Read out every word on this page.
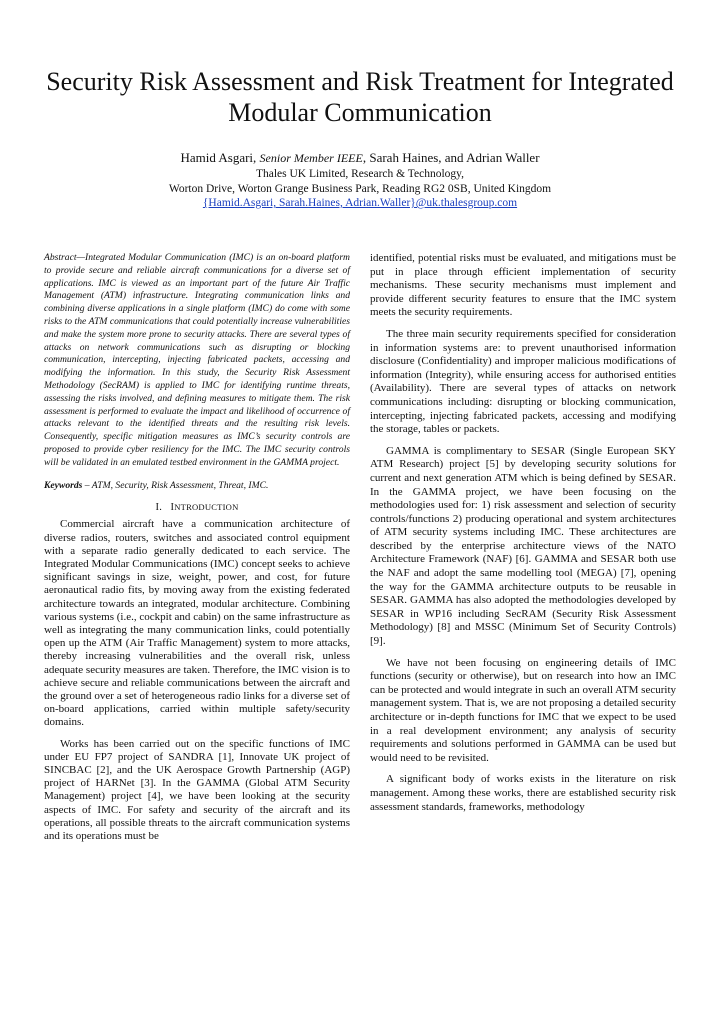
Security Risk Assessment and Risk Treatment for Integrated Modular Communication
Hamid Asgari, Senior Member IEEE, Sarah Haines, and Adrian Waller
Thales UK Limited, Research & Technology,
Worton Drive, Worton Grange Business Park, Reading RG2 0SB, United Kingdom
{Hamid.Asgari, Sarah.Haines, Adrian.Waller}@uk.thalesgroup.com

Abstract—Integrated Modular Communication (IMC) is an on-board platform to provide secure and reliable aircraft communications for a diverse set of applications. IMC is viewed as an important part of the future Air Traffic Management (ATM) infrastructure. Integrating communication links and combining diverse applications in a single platform (IMC) do come with some risks to the ATM communications that could potentially increase vulnerabilities and make the system more prone to security attacks. There are several types of attacks on network communications such as disrupting or blocking communication, intercepting, injecting fabricated packets, accessing and modifying the information. In this study, the Security Risk Assessment Methodology (SecRAM) is applied to IMC for identifying runtime threats, assessing the risks involved, and defining measures to mitigate them. The risk assessment is performed to evaluate the impact and likelihood of occurrence of attacks relevant to the identified threats and the resulting risk levels. Consequently, specific mitigation measures as IMC’s security controls are proposed to provide cyber resiliency for the IMC. The IMC security controls will be validated in an emulated testbed environment in the GAMMA project.

Keywords – ATM, Security, Risk Assessment, Threat, IMC.

I. INTRODUCTION

Commercial aircraft have a communication architecture of diverse radios, routers, switches and associated control equipment with a separate radio generally dedicated to each service. The Integrated Modular Communications (IMC) concept seeks to achieve significant savings in size, weight, power, and cost, for future aeronautical radio fits, by moving away from the existing federated architecture towards an integrated, modular architecture. Combining various systems (i.e., cockpit and cabin) on the same infrastructure as well as integrating the many communication links, could potentially open up the ATM (Air Traffic Management) system to more attacks, thereby increasing vulnerabilities and the overall risk, unless adequate security measures are taken. Therefore, the IMC vision is to achieve secure and reliable communications between the aircraft and the ground over a set of heterogeneous radio links for a diverse set of on-board applications, carried within multiple safety/security domains.

Works has been carried out on the specific functions of IMC under EU FP7 project of SANDRA [1], Innovate UK project of SINCBAC [2], and the UK Aerospace Growth Partnership (AGP) project of HARNet [3]. In the GAMMA (Global ATM Security Management) project [4], we have been looking at the security aspects of IMC. For safety and security of the aircraft and its operations, all possible threats to the aircraft communication systems and its operations must be

identified, potential risks must be evaluated, and mitigations must be put in place through efficient implementation of security mechanisms. These security mechanisms must implement and provide different security features to ensure that the IMC system meets the security requirements.

The three main security requirements specified for consideration in information systems are: to prevent unauthorised information disclosure (Confidentiality) and improper malicious modifications of information (Integrity), while ensuring access for authorised entities (Availability). There are several types of attacks on network communications including: disrupting or blocking communication, intercepting, injecting fabricated packets, accessing and modifying the storage, tables or packets.

GAMMA is complimentary to SESAR (Single European SKY ATM Research) project [5] by developing security solutions for current and next generation ATM which is being defined by SESAR. In the GAMMA project, we have been focusing on the methodologies used for: 1) risk assessment and selection of security controls/functions 2) producing operational and system architectures of ATM security systems including IMC. These architectures are described by the enterprise architecture views of the NATO Architecture Framework (NAF) [6]. GAMMA and SESAR both use the NAF and adopt the same modelling tool (MEGA) [7], opening the way for the GAMMA architecture outputs to be reusable in SESAR. GAMMA has also adopted the methodologies developed by SESAR in WP16 including SecRAM (Security Risk Assessment Methodology) [8] and MSSC (Minimum Set of Security Controls) [9].

We have not been focusing on engineering details of IMC functions (security or otherwise), but on research into how an IMC can be protected and would integrate in such an overall ATM security management system. That is, we are not proposing a detailed security architecture or in-depth functions for IMC that we expect to be used in a real development environment; any analysis of security requirements and solutions performed in GAMMA can be used but would need to be revisited.

A significant body of works exists in the literature on risk management. Among these works, there are established security risk assessment standards, frameworks, methodology
